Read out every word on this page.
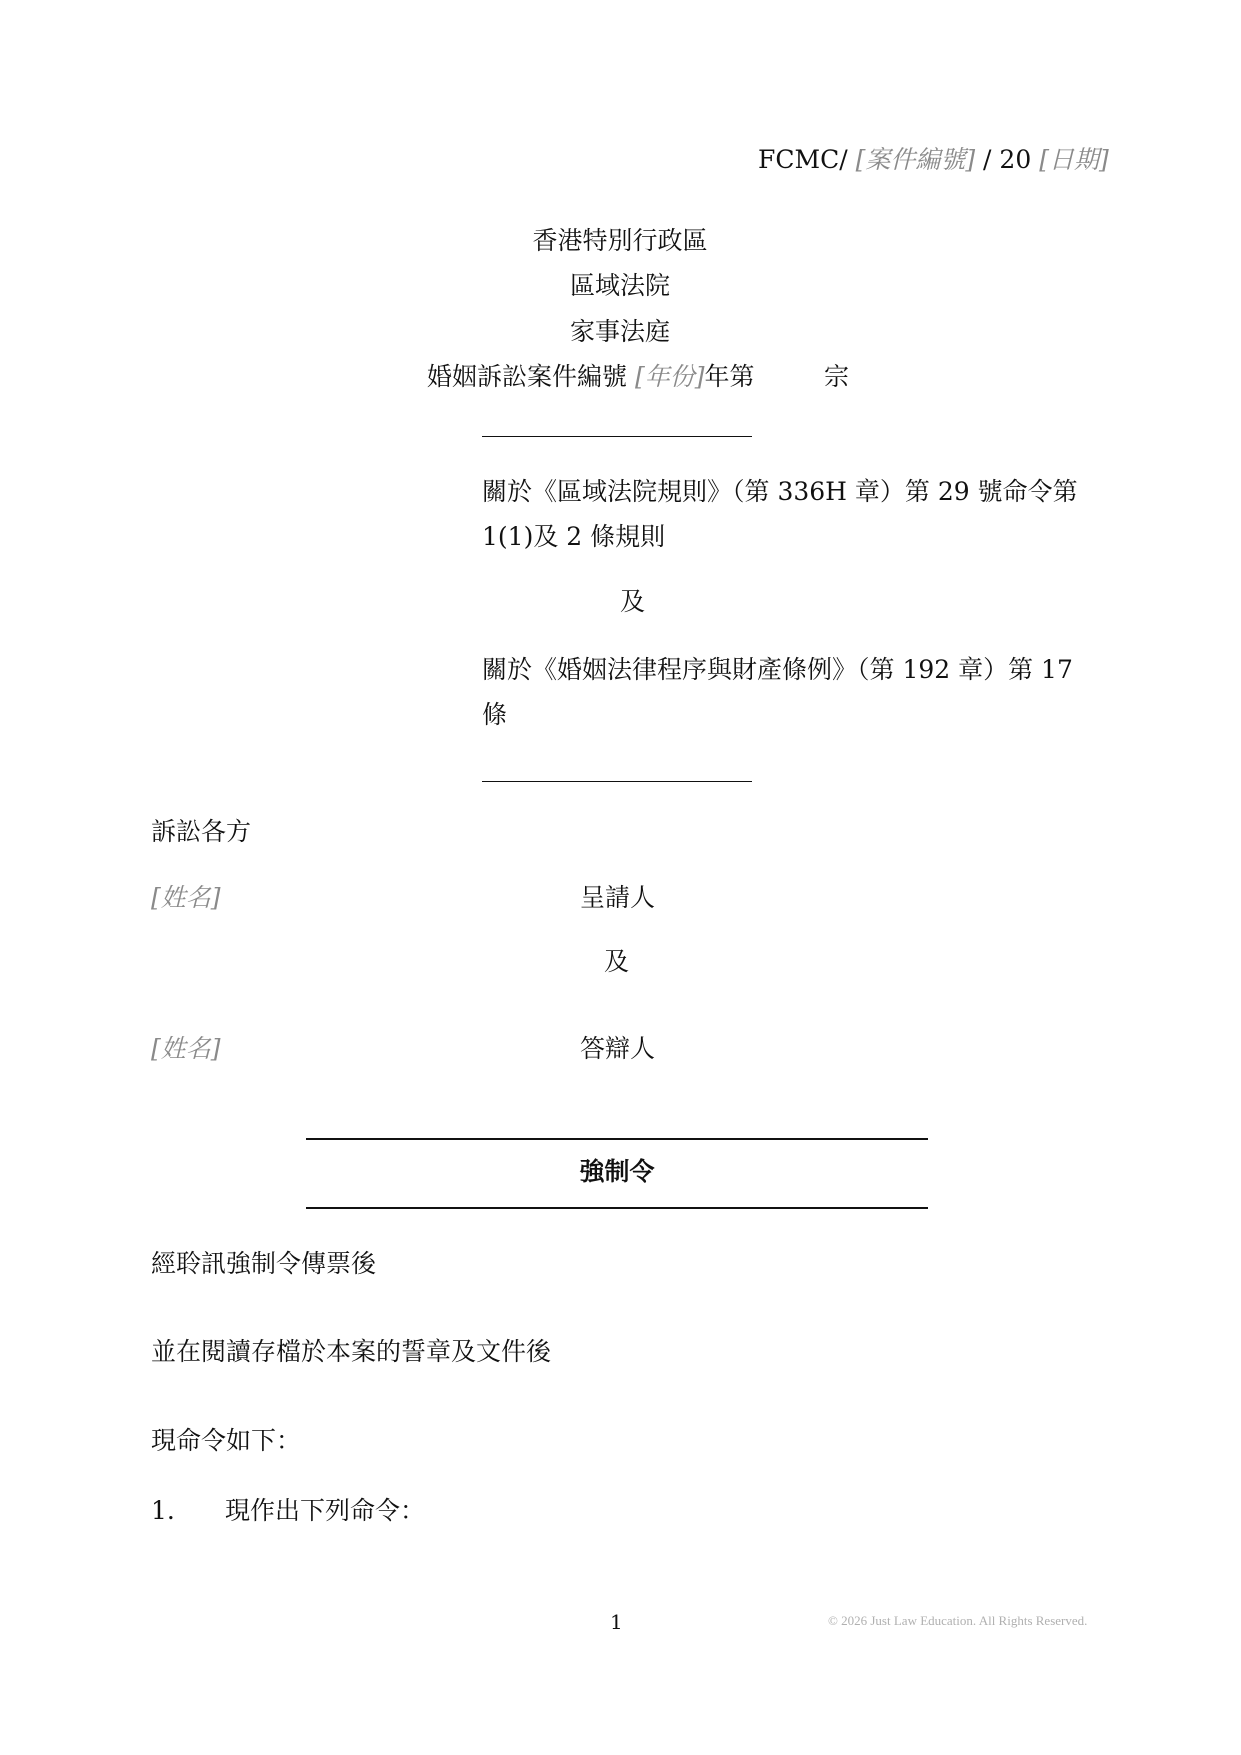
FCMC/ [案件編號] / 20 [日期]
香港特別行政區
區域法院
家事法庭
婚姻訴訟案件編號 [年份]年第	宗
關於《區域法院規則》（第 336H 章）第 29 號命令第
1(1)及 2 條規則
及
關於《婚姻法律程序與財產條例》（第 192 章）第 17
條
訴訟各方
[姓名]	呈請人
及
[姓名]	答辯人
強制令
經聆訊強制令傳票後
並在閱讀存檔於本案的誓章及文件後
現命令如下：
1. 現作出下列命令：
1	© 2026 Just Law Education. All Rights Reserved.
